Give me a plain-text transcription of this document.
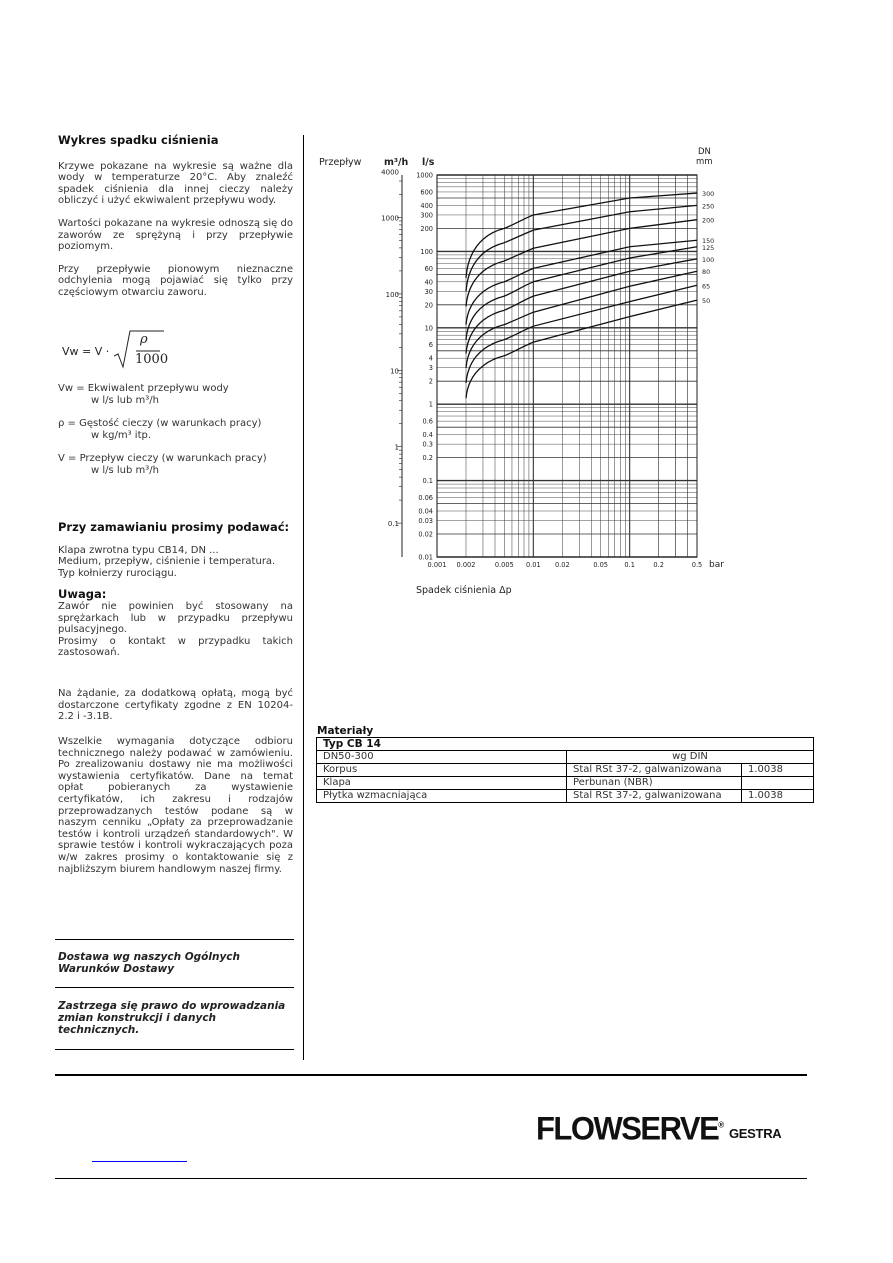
Wykres spadku ciśnienia

Krzywe pokazane na wykresie są ważne dla wody w temperaturze 20°C. Aby znaleźć spadek ciśnienia dla innej cieczy należy obliczyć i użyć ekwiwalent przepływu wody.

Wartości pokazane na wykresie odnoszą się do zaworów ze sprężyną i przy przepływie poziomym.

Przy przepływie pionowym nieznaczne odchylenia mogą pojawiać się tylko przy częściowym otwarciu zaworu.

Vw = V ·
ρ
1000
Vw = Ekwiwalent przepływu wody
w l/s lub m³/h
ρ = Gęstość cieczy (w warunkach pracy)
w kg/m³ itp.
V = Przepływ cieczy (w warunkach pracy)
w l/s lub m³/h
Przy zamawianiu prosimy podawać:
Klapa zwrotna typu CB14, DN ...
Medium, przepływ, ciśnienie i temperatura.
Typ kołnierzy rurociągu.
Uwaga:
Zawór nie powinien być stosowany na sprężarkach lub w przypadku przepływu pulsacyjnego.
Prosimy o kontakt w przypadku takich zastosowań.
Na żądanie, za dodatkową opłatą, mogą być dostarczone certyfikaty zgodne z EN 10204-2.2 i -3.1B.
Wszelkie wymagania dotyczące odbioru technicznego należy podawać w zamówieniu. Po zrealizowaniu dostawy nie ma możliwości wystawienia certyfikatów. Dane na temat opłat pobieranych za wystawienie certyfikatów, ich zakresu i rodzajów przeprowadzanych testów podane są w naszym cenniku „Opłaty za przeprowadzanie testów i kontroli urządzeń standardowych". W sprawie testów i kontroli wykraczających poza w/w zakres prosimy o kontaktowanie się z najbliższym biurem handlowym naszej firmy.
Dostawa wg naszych Ogólnych Warunków Dostawy
Zastrzega się prawo do wprowadzania zmian konstrukcji i danych technicznych.
Przepływ m³/h l/s
DN
mm
4000
1000
100
10
1
0.1
1000
600
400
300
200
100
60
40
30
20
10
6
4
3
2
1
0.6
0.4
0.3
0.2
0.1
0.06
0.04
0.03
0.02
0.01
0.001 0.002	0.005 0.01 0.02	0.05 0.1	0.2	0.5 bar
300
250
200
150
125
100
80
65
50
Spadek ciśnienia Δp
Materiały
Typ CB 14		
DN50-300	wg DIN	
Korpus	Stal RSt 37-2, galwanizowana	1.0038
Klapa	Perbunan (NBR)	
Płytka wzmacniająca	Stal RSt 37-2, galwanizowana	1.0038
FLOWSERVE®
GESTRA
